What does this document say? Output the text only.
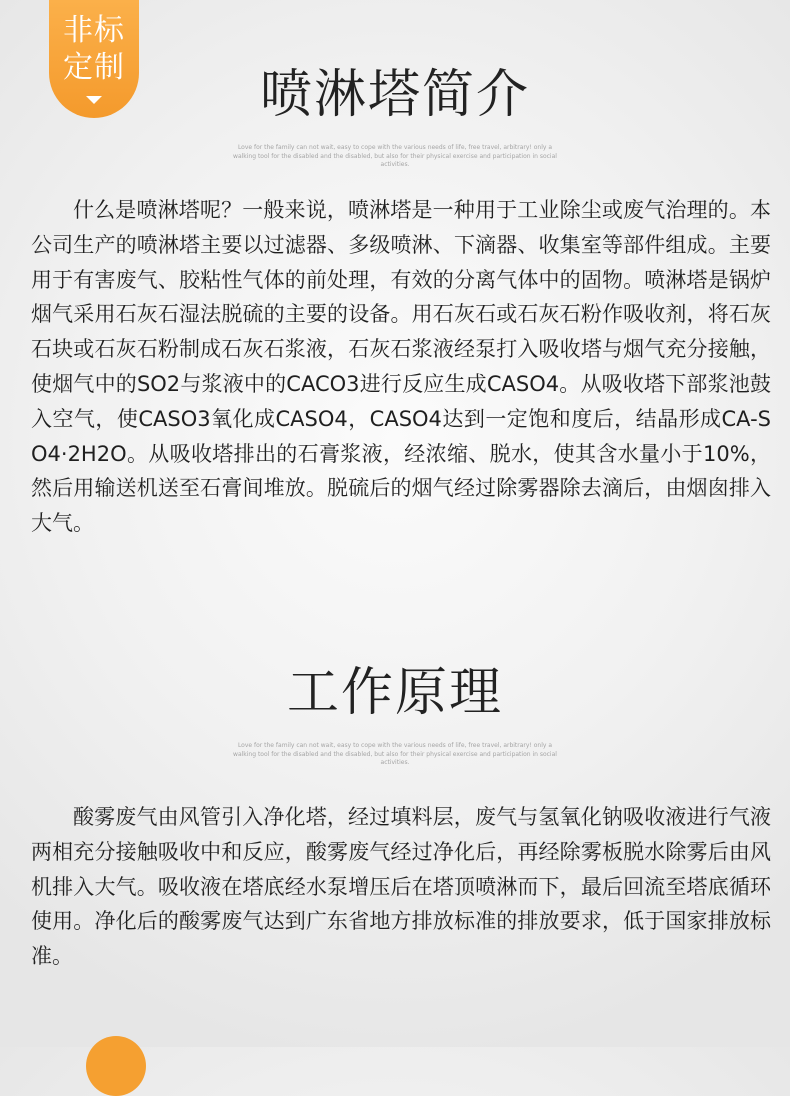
非标
定制	喷淋塔简介
Love for the family can not wait, easy to cope with the various needs of life, free travel, arbitrary! only a walking tool for the disabled and the disabled, but also for their physical exercise and participation in social activities.

什么是喷淋塔呢？一般来说，喷淋塔是一种用于工业除尘或废气治理的。本公司生产的喷淋塔主要以过滤器、多级喷淋、下滴器、收集室等部件组成。主要用于有害废气、胶粘性气体的前处理，有效的分离气体中的固物。喷淋塔是锅炉烟气采用石灰石湿法脱硫的主要的设备。用石灰石或石灰石粉作吸收剂，将石灰石块或石灰石粉制成石灰石浆液，石灰石浆液经泵打入吸收塔与烟气充分接触，使烟气中的SO2与浆液中的CACO3进行反应生成CASO4。从吸收塔下部浆池鼓入空气，使CASO3氧化成CASO4，CASO4达到一定饱和度后，结晶形成CA-SO4·2H2O。从吸收塔排出的石膏浆液，经浓缩、脱水，使其含水量小于10%，然后用输送机送至石膏间堆放。脱硫后的烟气经过除雾器除去滴后，由烟囱排入大气。

工作原理
Love for the family can not wait, easy to cope with the various needs of life, free travel, arbitrary! only a walking tool for the disabled and the disabled, but also for their physical exercise and participation in social activities.

酸雾废气由风管引入净化塔，经过填料层，废气与氢氧化钠吸收液进行气液两相充分接触吸收中和反应，酸雾废气经过净化后，再经除雾板脱水除雾后由风机排入大气。吸收液在塔底经水泵增压后在塔顶喷淋而下，最后回流至塔底循环使用。净化后的酸雾废气达到广东省地方排放标准的排放要求，低于国家排放标准。
